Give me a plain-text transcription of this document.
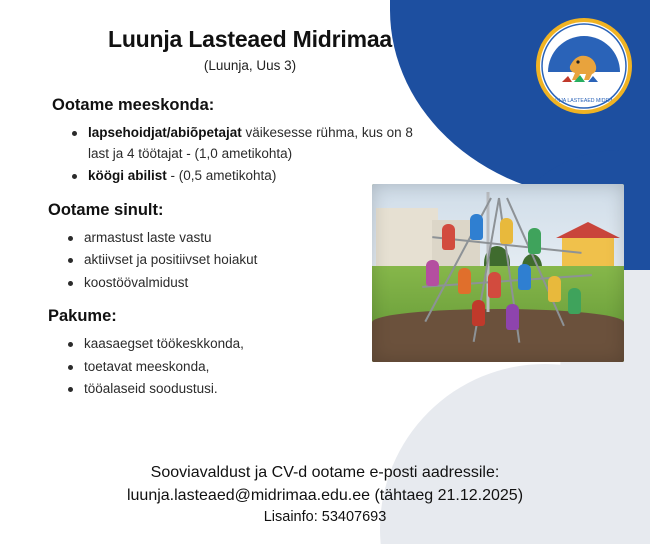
LUUNJA LASTEAED MIDRIMAA
Luunja Lasteaed Midrimaa
(Luunja, Uus 3)
Ootame meeskonda:
lapsehoidjat/abiõpetajat väikesesse rühma, kus on 8 last ja 4 töötajat - (1,0 ametikohta)
köögi abilist - (0,5 ametikohta)
Ootame sinult:
armastust laste vastu
aktiivset ja positiivset hoiakut
koostöövalmidust
Pakume:
kaasaegset töökeskkonda,
toetavat meeskonda,
tööalaseid soodustusi.
Sooviavaldust ja CV-d ootame e-posti aadressile:
luunja.lasteaed@midrimaa.edu.ee (tähtaeg 21.12.2025)
Lisainfo: 53407693
